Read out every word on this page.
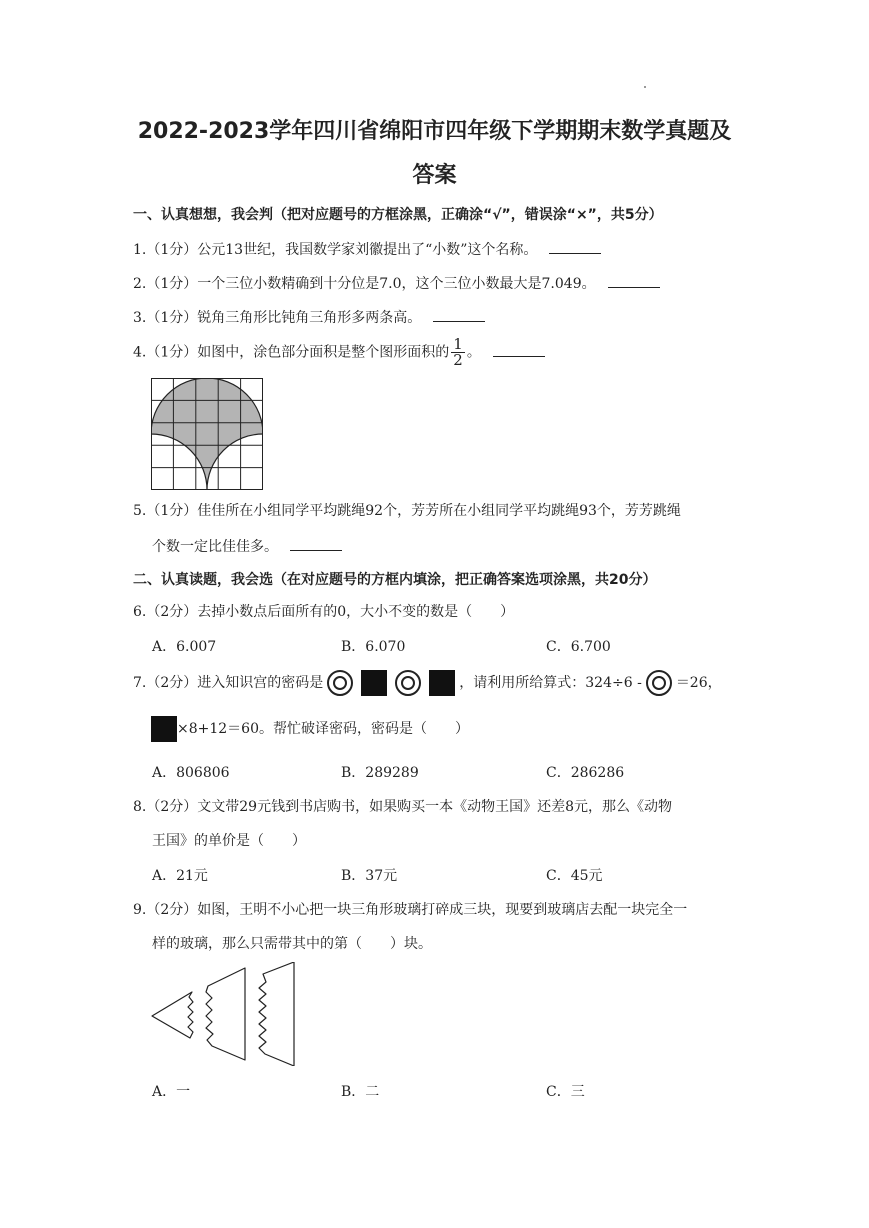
2022-2023学年四川省绵阳市四年级下学期期末数学真题及
答案
一、认真想想，我会判（把对应题号的方框涂黑，正确涂“√”，错误涂“×”，共5分）
1.（1分）公元13世纪，我国数学家刘徽提出了“小数”这个名称。
2.（1分）一个三位小数精确到十分位是7.0，这个三位小数最大是7.049。
3.（1分）锐角三角形比钝角三角形多两条高。
4.（1分）如图中，涂色部分面积是整个图形面积的 $\frac{1}{2}$ 。
5.（1分）佳佳所在小组同学平均跳绳92个，芳芳所在小组同学平均跳绳93个，芳芳跳绳
个数一定比佳佳多。
二、认真读题，我会选（在对应题号的方框内填涂，把正确答案选项涂黑，共20分）
6.（2分）去掉小数点后面所有的0，大小不变的数是（　　）
A．6.007	B．6.070	C．6.700
7.（2分）进入知识宫的密码是	，请利用所给算式：324÷6 - ＝26，
×8+12＝60。帮忙破译密码，密码是（　　）
A．806806	B．289289	C．286286
8.（2分）文文带29元钱到书店购书，如果购买一本《动物王国》还差8元，那么《动物
王国》的单价是（　　）
A．21元	B．37元	C．45元
9.（2分）如图，王明不小心把一块三角形玻璃打碎成三块，现要到玻璃店去配一块完全一
样的玻璃，那么只需带其中的第（　　）块。
A．一	B．二	C．三
